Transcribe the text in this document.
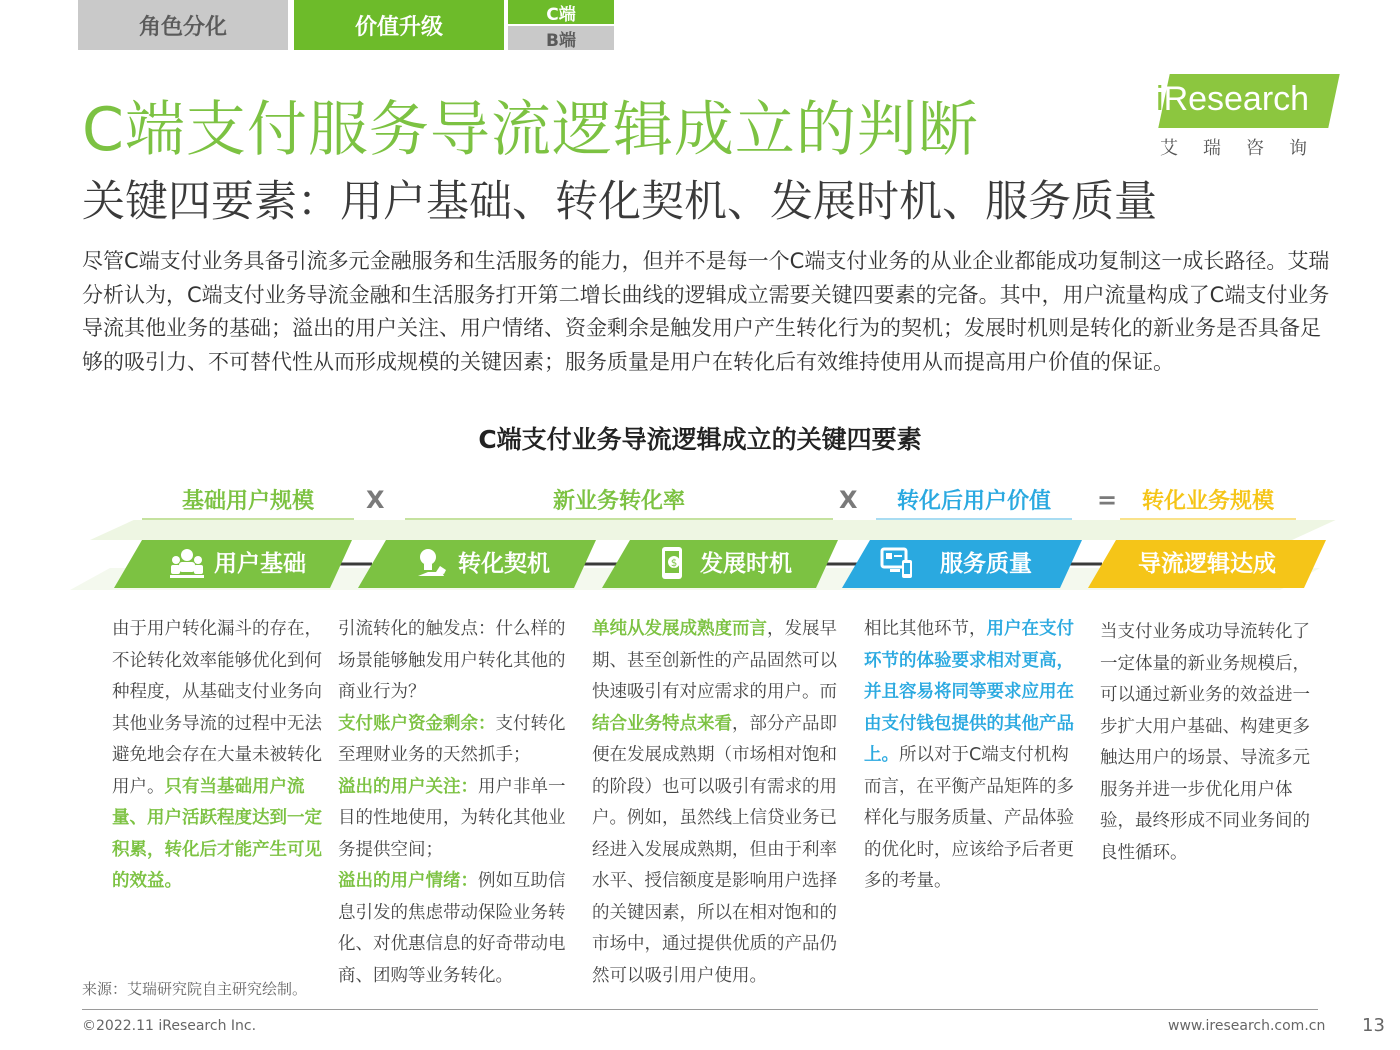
角色分化	价值升级	C端
B端
C端支付服务导流逻辑成立的判断
关键四要素：用户基础、转化契机、发展时机、服务质量
iResearch
艾瑞咨询
尽管C端支付业务具备引流多元金融服务和生活服务的能力，但并不是每一个C端支付业务的从业企业都能成功复制这一成长路径。艾瑞分析认为，C端支付业务导流金融和生活服务打开第二增长曲线的逻辑成立需要关键四要素的完备。其中，用户流量构成了C端支付业务导流其他业务的基础；溢出的用户关注、用户情绪、资金剩余是触发用户产生转化行为的契机；发展时机则是转化的新业务是否具备足够的吸引力、不可替代性从而形成规模的关键因素；服务质量是用户在转化后有效维持使用从而提高用户价值的保证。
C端支付业务导流逻辑成立的关键四要素
基础用户规模	X	新业务转化率	X	转化后用户价值	=	转化业务规模
$
用户基础	转化契机	发展时机	服务质量	导流逻辑达成
由于用户转化漏斗的存在，不论转化效率能够优化到何种程度，从基础支付业务向其他业务导流的过程中无法避免地会存在大量未被转化用户。只有当基础用户流量、用户活跃程度达到一定积累，转化后才能产生可见的效益。
引流转化的触发点：什么样的场景能够触发用户转化其他的商业行为？
支付账户资金剩余：支付转化至理财业务的天然抓手；
溢出的用户关注：用户非单一目的性地使用，为转化其他业务提供空间；
溢出的用户情绪：例如互助信息引发的焦虑带动保险业务转化、对优惠信息的好奇带动电商、团购等业务转化。
单纯从发展成熟度而言，发展早期、甚至创新性的产品固然可以快速吸引有对应需求的用户。而结合业务特点来看，部分产品即便在发展成熟期（市场相对饱和的阶段）也可以吸引有需求的用户。例如，虽然线上信贷业务已经进入发展成熟期，但由于利率水平、授信额度是影响用户选择的关键因素，所以在相对饱和的市场中，通过提供优质的产品仍然可以吸引用户使用。
相比其他环节，用户在支付环节的体验要求相对更高，并且容易将同等要求应用在由支付钱包提供的其他产品上。所以对于C端支付机构而言，在平衡产品矩阵的多样化与服务质量、产品体验的优化时，应该给予后者更多的考量。
当支付业务成功导流转化了一定体量的新业务规模后，可以通过新业务的效益进一步扩大用户基础、构建更多触达用户的场景、导流多元服务并进一步优化用户体验，最终形成不同业务间的良性循环。
来源：艾瑞研究院自主研究绘制。
©2022.11 iResearch Inc.	www.iresearch.com.cn 13
